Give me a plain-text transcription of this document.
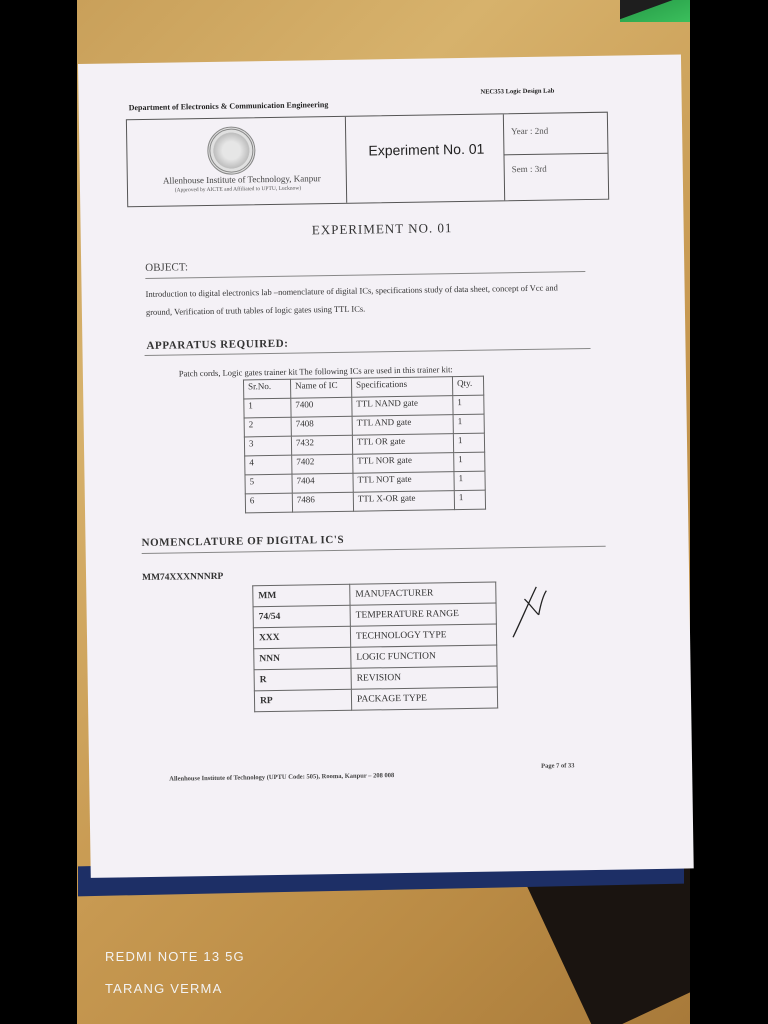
Department of Electronics & Communication Engineering
NEC353 Logic Design Lab
Allenhouse Institute of Technology, Kanpur
(Approved by AICTE and Affiliated to UPTU, Lucknow)
Experiment No. 01
Year : 2nd
Sem : 3rd
EXPERIMENT NO. 01
OBJECT:
Introduction to digital electronics lab –nomenclature of digital ICs, specifications study of data sheet, concept of Vcc and ground, Verification of truth tables of logic gates using TTL ICs.
APPARATUS REQUIRED:
Patch cords, Logic gates trainer kit The following ICs are used in this trainer kit:
Sr.No.	Name of IC	Specifications	Qty.
1	7400	TTL NAND gate	1
2	7408	TTL AND gate	1
3	7432	TTL OR gate	1
4	7402	TTL NOR gate	1
5	7404	TTL NOT gate	1
6	7486	TTL X-OR gate	1
NOMENCLATURE OF DIGITAL IC'S
MM74XXXNNNRP
MM	MANUFACTURER
74/54	TEMPERATURE RANGE
XXX	TECHNOLOGY TYPE
NNN	LOGIC FUNCTION
R	REVISION
RP	PACKAGE TYPE
Allenhouse Institute of Technology (UPTU Code: 505), Rooma, Kanpur – 208 008
Page 7 of 33
REDMI NOTE 13 5G
TARANG VERMA
